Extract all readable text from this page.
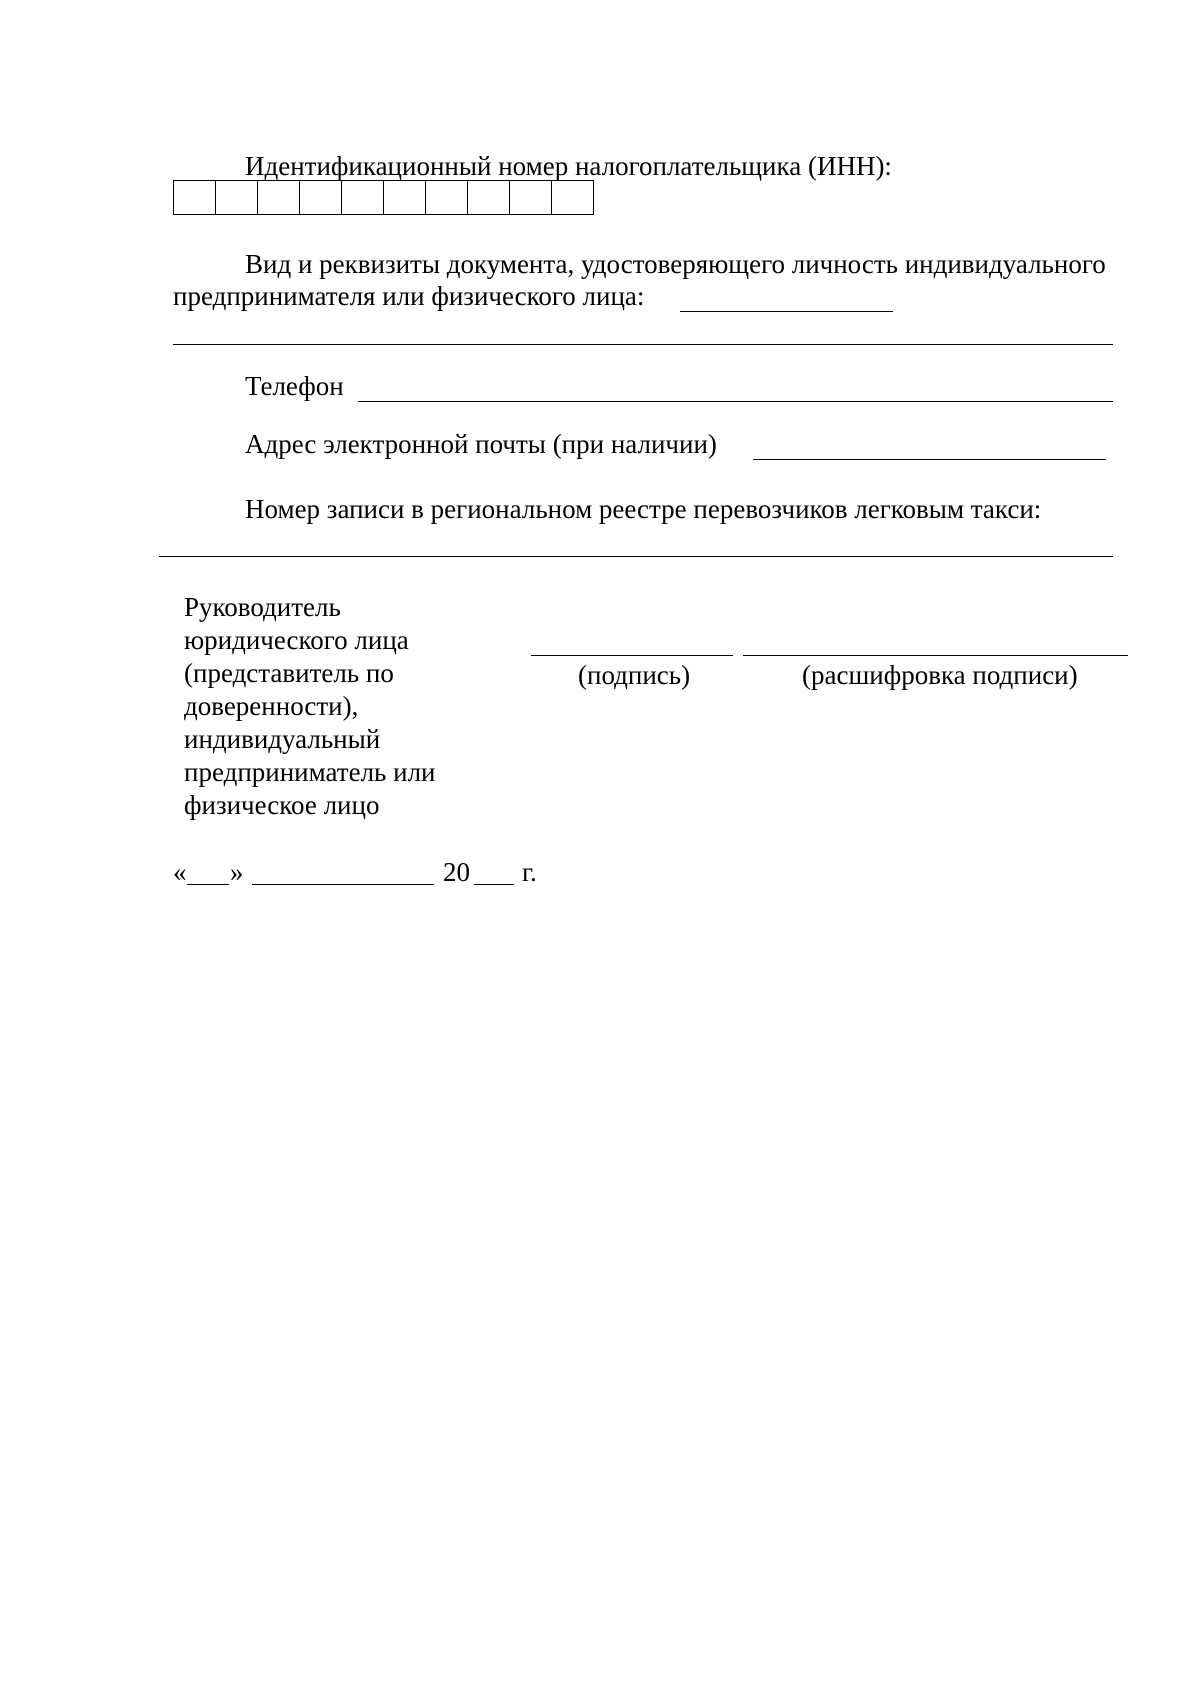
Идентификационный номер налогоплательщика (ИНН):
Вид и реквизиты документа, удостоверяющего личность индивидуального
предпринимателя или физического лица:
Телефон
Адрес электронной почты (при наличии)
Номер записи в региональном реестре перевозчиков легковым такси:
Руководитель
юридического лица
(представитель по
доверенности),
индивидуальный
предприниматель или
физическое лицо
(подпись)	(расшифровка подписи)
« »	20 г.
